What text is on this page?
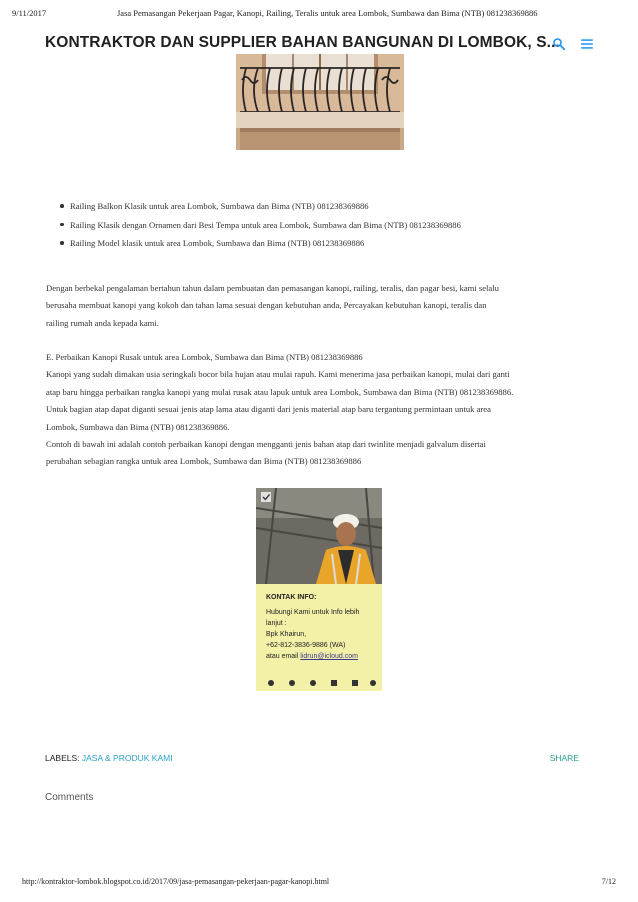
9/11/2017	Jasa Pemasangan Pekerjaan Pagar, Kanopi, Railing, Teralis untuk area Lombok, Sumbawa dan Bima (NTB) 081238369886
KONTRAKTOR DAN SUPPLIER BAHAN BANGUNAN DI LOMBOK, S...
Railing Balkon Klasik untuk area Lombok, Sumbawa dan Bima (NTB) 081238369886
Railing Klasik dengan Ornamen dari Besi Tempa untuk area Lombok, Sumbawa dan Bima (NTB) 081238369886
Railing Model klasik untuk area Lombok, Sumbawa dan Bima (NTB) 081238369886
Dengan berbekal pengalaman bertahun tahun dalam pembuatan dan pemasangan kanopi, railing, teralis, dan pagar besi, kami selalu
berusaha membuat kanopi yang kokoh dan tahan lama sesuai dengan kebutuhan anda, Percayakan kebutuhan kanopi, teralis dan
railing rumah anda kepada kami.
E. Perbaikan Kanopi Rusak untuk area Lombok, Sumbawa dan Bima (NTB) 081238369886
Kanopi yang sudah dimakan usia seringkali bocor bila hujan atau mulai rapuh. Kami menerima jasa perbaikan kanopi, mulai dari ganti
atap baru hingga perbaikan rangka kanopi yang mulai rusak atau lapuk untuk area Lombok, Sumbawa dan Bima (NTB) 081238369886.
Untuk bagian atap dapat diganti sesuai jenis atap lama atau diganti dari jenis material atap baru tergantung permintaan untuk area
Lombok, Sumbawa dan Bima (NTB) 081238369886.
Contoh di bawah ini adalah contoh perbaikan kanopi dengan mengganti jenis bahan atap dari twinlite menjadi galvalum disertai
perubahan sebagian rangka untuk area Lombok, Sumbawa dan Bima (NTB) 081238369886
KONTAK INFO:
Hubungi Kami untuk Info lebih
lanjut :
Bpk Khairun,
+62-812-3836-9886 (WA)
atau email lidrun@icloud.com
LABELS: JASA & PRODUK KAMI	SHARE
Comments
http://kontraktor-lombok.blogspot.co.id/2017/09/jasa-pemasangan-pekerjaan-pagar-kanopi.html	7/12
